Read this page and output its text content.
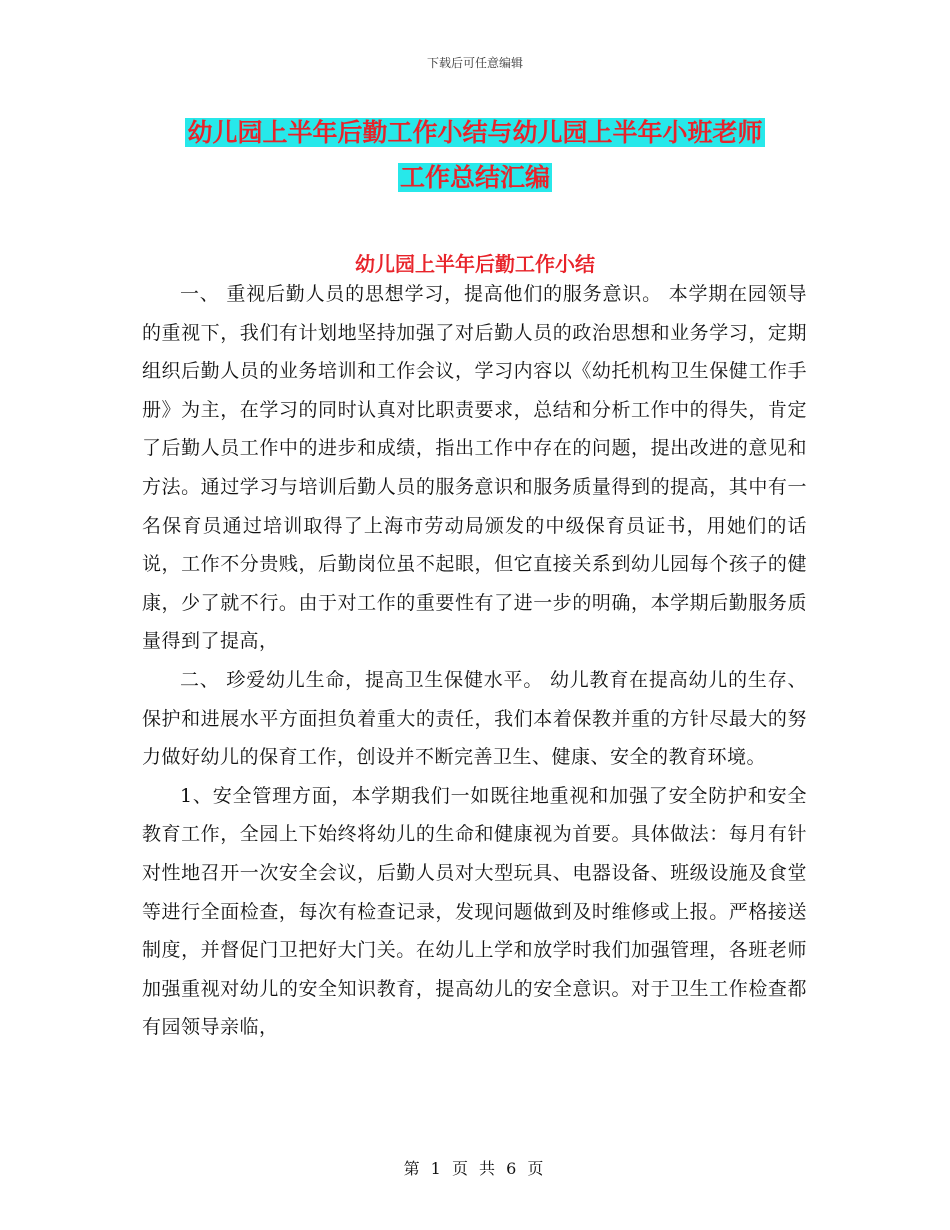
下载后可任意编辑
幼儿园上半年后勤工作小结与幼儿园上半年小班老师
工作总结汇编
幼儿园上半年后勤工作小结

一、 重视后勤人员的思想学习，提高他们的服务意识。 本学期在园领导的重视下，我们有计划地坚持加强了对后勤人员的政治思想和业务学习，定期组织后勤人员的业务培训和工作会议，学习内容以《幼托机构卫生保健工作手册》为主，在学习的同时认真对比职责要求，总结和分析工作中的得失，肯定了后勤人员工作中的进步和成绩，指出工作中存在的问题，提出改进的意见和方法。通过学习与培训后勤人员的服务意识和服务质量得到的提高，其中有一名保育员通过培训取得了上海市劳动局颁发的中级保育员证书，用她们的话说，工作不分贵贱，后勤岗位虽不起眼，但它直接关系到幼儿园每个孩子的健康，少了就不行。由于对工作的重要性有了进一步的明确，本学期后勤服务质量得到了提高，

二、 珍爱幼儿生命，提高卫生保健水平。 幼儿教育在提高幼儿的生存、保护和进展水平方面担负着重大的责任，我们本着保教并重的方针尽最大的努力做好幼儿的保育工作，创设并不断完善卫生、健康、安全的教育环境。

1、安全管理方面，本学期我们一如既往地重视和加强了安全防护和安全教育工作，全园上下始终将幼儿的生命和健康视为首要。具体做法：每月有针对性地召开一次安全会议，后勤人员对大型玩具、电器设备、班级设施及食堂等进行全面检查，每次有检查记录，发现问题做到及时维修或上报。严格接送制度，并督促门卫把好大门关。在幼儿上学和放学时我们加强管理，各班老师加强重视对幼儿的安全知识教育，提高幼儿的安全意识。对于卫生工作检查都有园领导亲临，

第 1 页 共 6 页
